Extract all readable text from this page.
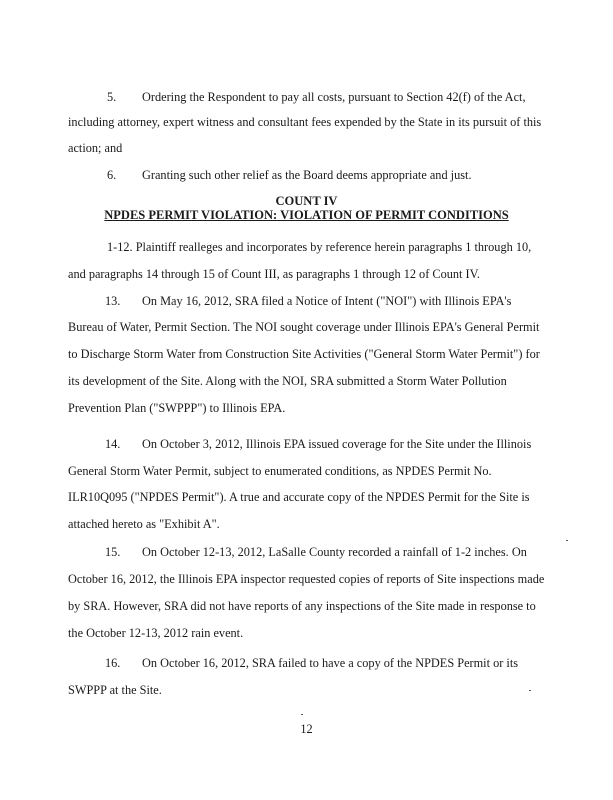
5.	Ordering the Respondent to pay all costs, pursuant to Section 42(f) of the Act,
including attorney, expert witness and consultant fees expended by the State in its pursuit of this
action; and
6.	Granting such other relief as the Board deems appropriate and just.
COUNT IV
NPDES PERMIT VIOLATION: VIOLATION OF PERMIT CONDITIONS
1-12. Plaintiff realleges and incorporates by reference herein paragraphs 1 through 10,
and paragraphs 14 through 15 of Count III, as paragraphs 1 through 12 of Count IV.
13.	On May 16, 2012, SRA filed a Notice of Intent ("NOI") with Illinois EPA's
Bureau of Water, Permit Section. The NOI sought coverage under Illinois EPA's General Permit
to Discharge Storm Water from Construction Site Activities ("General Storm Water Permit") for
its development of the Site. Along with the NOI, SRA submitted a Storm Water Pollution
Prevention Plan ("SWPPP") to Illinois EPA.
14.	On October 3, 2012, Illinois EPA issued coverage for the Site under the Illinois
General Storm Water Permit, subject to enumerated conditions, as NPDES Permit No.
ILR10Q095 ("NPDES Permit"). A true and accurate copy of the NPDES Permit for the Site is
attached hereto as "Exhibit A".
15.	On October 12-13, 2012, LaSalle County recorded a rainfall of 1-2 inches. On
October 16, 2012, the Illinois EPA inspector requested copies of reports of Site inspections made
by SRA. However, SRA did not have reports of any inspections of the Site made in response to
the October 12-13, 2012 rain event.
16.	On October 16, 2012, SRA failed to have a copy of the NPDES Permit or its
SWPPP at the Site.
12
